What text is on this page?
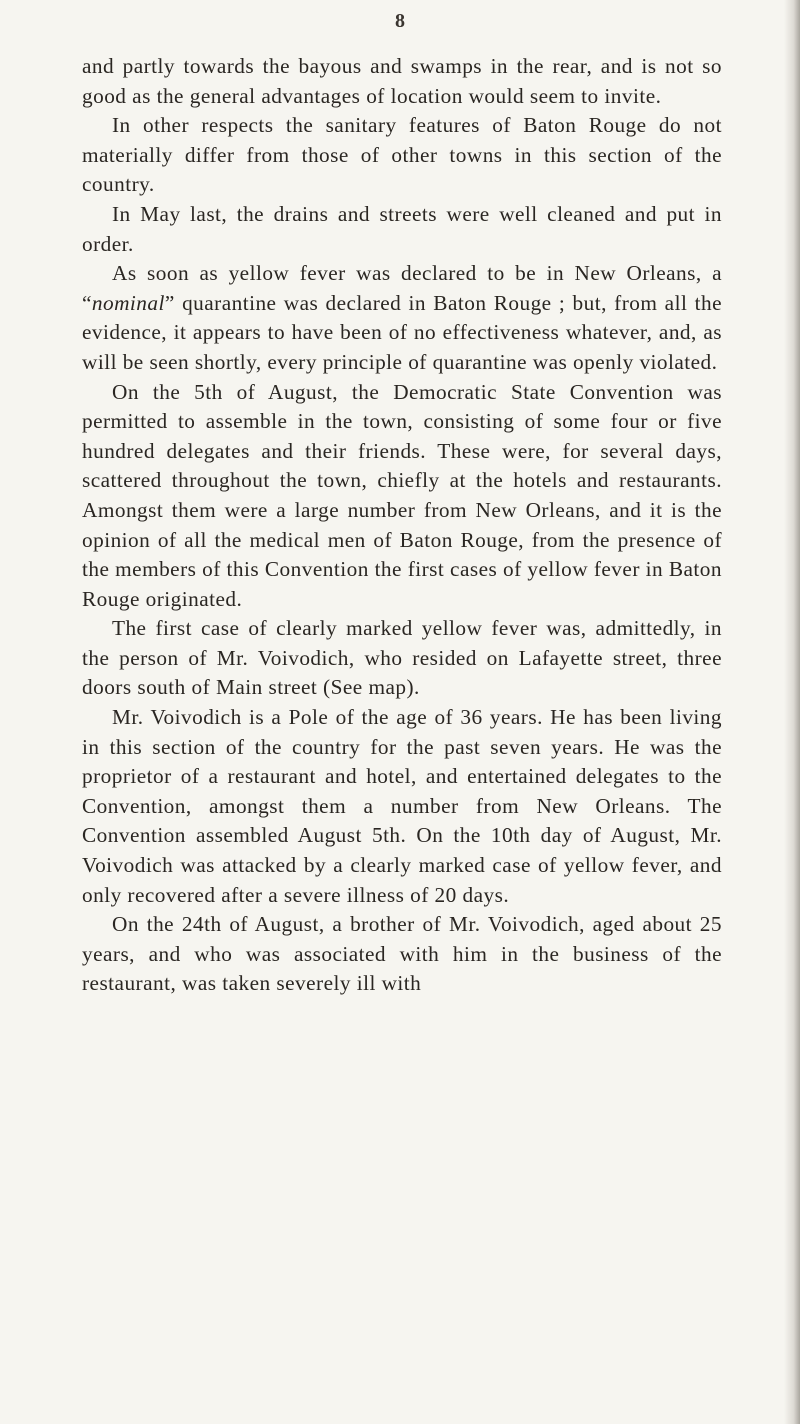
8

and partly towards the bayous and swamps in the rear, and is not so good as the general advantages of location would seem to invite.

In other respects the sanitary features of Baton Rouge do not materially differ from those of other towns in this section of the country.

In May last, the drains and streets were well cleaned and put in order.

As soon as yellow fever was declared to be in New Orleans, a “nominal” quarantine was declared in Baton Rouge ; but, from all the evidence, it appears to have been of no effectiveness whatever, and, as will be seen shortly, every principle of quarantine was openly violated.

On the 5th of August, the Democratic State Convention was permitted to assemble in the town, consisting of some four or five hundred delegates and their friends. These were, for several days, scattered throughout the town, chiefly at the hotels and restaurants. Amongst them were a large number from New Orleans, and it is the opinion of all the medical men of Baton Rouge, from the presence of the members of this Convention the first cases of yellow fever in Baton Rouge originated.

The first case of clearly marked yellow fever was, admittedly, in the person of Mr. Voivodich, who resided on Lafayette street, three doors south of Main street (See map).

Mr. Voivodich is a Pole of the age of 36 years. He has been living in this section of the country for the past seven years. He was the proprietor of a restaurant and hotel, and entertained delegates to the Convention, amongst them a number from New Orleans. The Convention assembled August 5th. On the 10th day of August, Mr. Voivodich was attacked by a clearly marked case of yellow fever, and only recovered after a severe illness of 20 days.

On the 24th of August, a brother of Mr. Voivodich, aged about 25 years, and who was associated with him in the business of the restaurant, was taken severely ill with
